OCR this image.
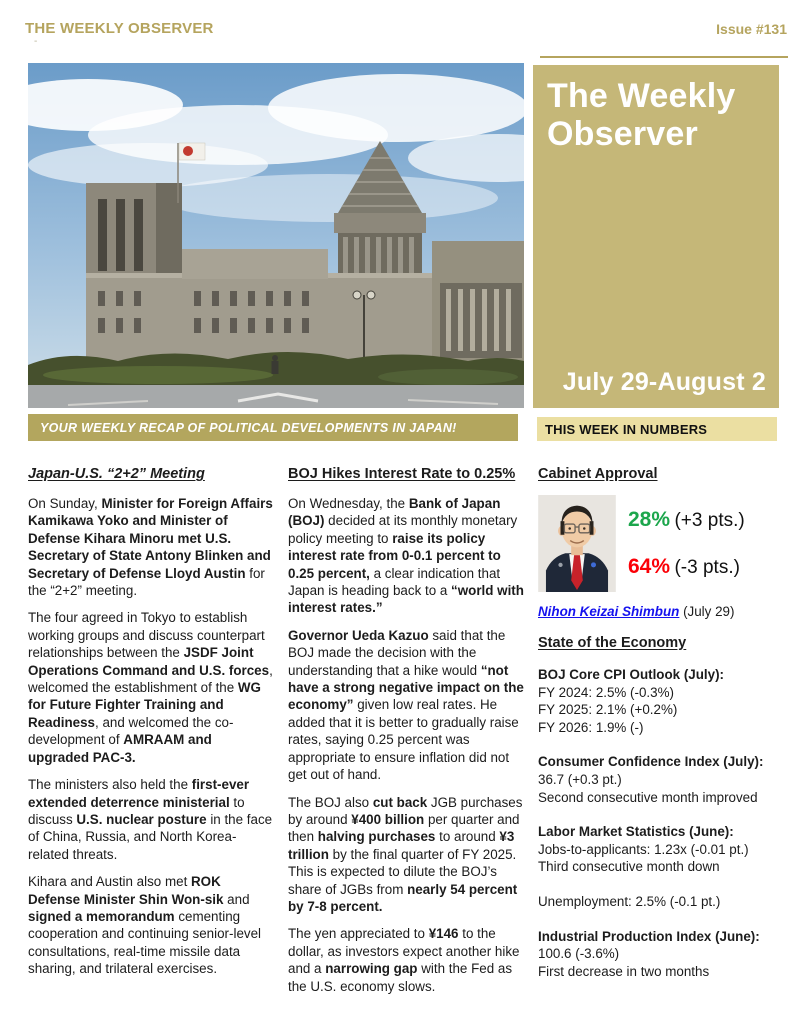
THE WEEKLY OBSERVER	Issue #131
-
The Weekly
Observer
July 29-August 2
YOUR WEEKLY RECAP OF POLITICAL DEVELOPMENTS IN JAPAN!	THIS WEEK IN NUMBERS
Japan-U.S. “2+2” Meeting

On Sunday, Minister for Foreign Affairs Kamikawa Yoko and Minister of Defense Kihara Minoru met U.S. Secretary of State Antony Blinken and Secretary of Defense Lloyd Austin for the “2+2” meeting.

The four agreed in Tokyo to establish working groups and discuss counterpart relationships between the JSDF Joint Operations Command and U.S. forces, welcomed the establishment of the WG for Future Fighter Training and Readiness, and welcomed the co-development of AMRAAM and upgraded PAC-3.

The ministers also held the first-ever extended deterrence ministerial to discuss U.S. nuclear posture in the face of China, Russia, and North Korea-related threats.

Kihara and Austin also met ROK Defense Minister Shin Won-sik and signed a memorandum cementing cooperation and continuing senior-level consultations, real-time missile data sharing, and trilateral exercises.

BOJ Hikes Interest Rate to 0.25%

On Wednesday, the Bank of Japan (BOJ) decided at its monthly monetary policy meeting to raise its policy interest rate from 0-0.1 percent to 0.25 percent, a clear indication that Japan is heading back to a “world with interest rates.”

Governor Ueda Kazuo said that the BOJ made the decision with the understanding that a hike would “not have a strong negative impact on the economy” given low real rates. He added that it is better to gradually raise rates, saying 0.25 percent was appropriate to ensure inflation did not get out of hand.

The BOJ also cut back JGB purchases by around ¥400 billion per quarter and then halving purchases to around ¥3 trillion by the final quarter of FY 2025. This is expected to dilute the BOJ’s share of JGBs from nearly 54 percent by 7-8 percent.

The yen appreciated to ¥146 to the dollar, as investors expect another hike and a narrowing gap with the Fed as the U.S. economy slows.

Cabinet Approval
28% (+3 pts.)
64% (-3 pts.)

Nihon Keizai Shimbun (July 29)

State of the Economy
BOJ Core CPI Outlook (July):
FY 2024: 2.5% (-0.3%)
FY 2025: 2.1% (+0.2%)
FY 2026: 1.9% (-)
Consumer Confidence Index (July):
36.7 (+0.3 pt.)
Second consecutive month improved
Labor Market Statistics (June):
Jobs-to-applicants: 1.23x (-0.01 pt.)
Third consecutive month down
Unemployment: 2.5% (-0.1 pt.)
Industrial Production Index (June):
100.6 (-3.6%)
First decrease in two months
